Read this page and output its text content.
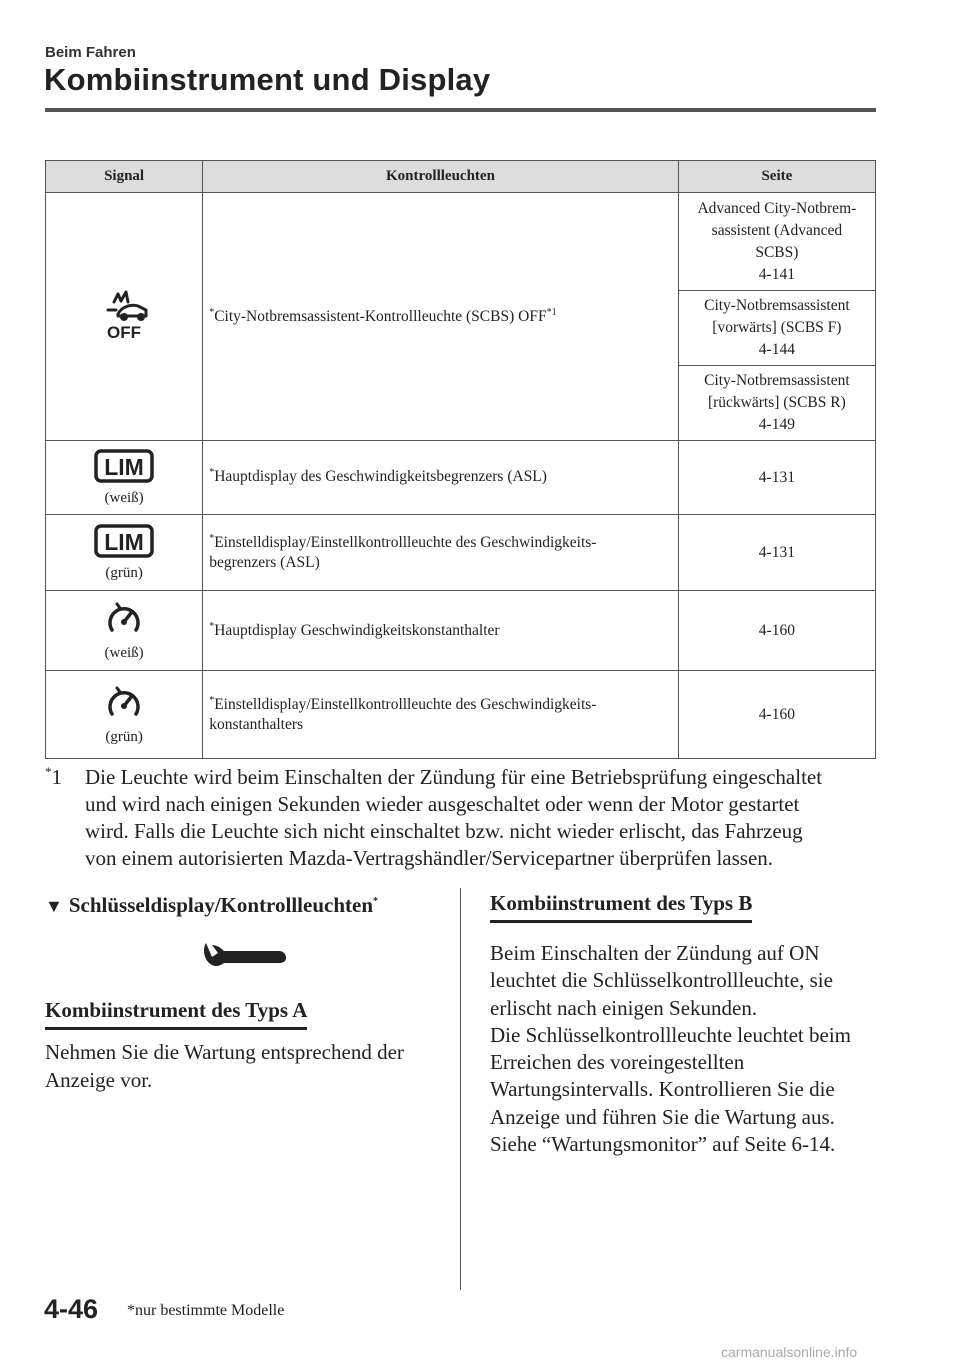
Beim Fahren
Kombiinstrument und Display
Signal	Kontrollleuchten	Seite

OFF	*City-Notbremsassistent-Kontrollleuchte (SCBS) OFF$^{*1}$	Advanced City-Notbrem-
sassistent (Advanced
SCBS)
4-141
		City-Notbremsassistent
[vorwärts] (SCBS F)
4-144
		City-Notbremsassistent
[rückwärts] (SCBS R)
4-149

LIM
(weiß)	*Hauptdisplay des Geschwindigkeitsbegrenzers (ASL)	4-131

LIM
(grün)	*Einstelldisplay/Einstellkontrollleuchte des Geschwindigkeits-
begrenzers (ASL)	4-131

(weiß)	*Hauptdisplay Geschwindigkeitskonstanthalter	4-160

(grün)	*Einstelldisplay/Einstellkontrollleuchte des Geschwindigkeits-
konstanthalters	4-160
*1 Die Leuchte wird beim Einschalten der Zündung für eine Betriebsprüfung eingeschaltet
und wird nach einigen Sekunden wieder ausgeschaltet oder wenn der Motor gestartet
wird. Falls die Leuchte sich nicht einschaltet bzw. nicht wieder erlischt, das Fahrzeug
von einem autorisierten Mazda-Vertragshändler/Servicepartner überprüfen lassen.
▼ Schlüsseldisplay/Kontrollleuchten*
Kombiinstrument des Typs A
Nehmen Sie die Wartung entsprechend der
Anzeige vor.
Kombiinstrument des Typs B
Beim Einschalten der Zündung auf ON
leuchtet die Schlüsselkontrollleuchte, sie
erlischt nach einigen Sekunden.
Die Schlüsselkontrollleuchte leuchtet beim
Erreichen des voreingestellten
Wartungsintervalls. Kontrollieren Sie die
Anzeige und führen Sie die Wartung aus.
Siehe “Wartungsmonitor” auf Seite 6-14.
4-46 *nur bestimmte Modelle
carmanualsonline.info
